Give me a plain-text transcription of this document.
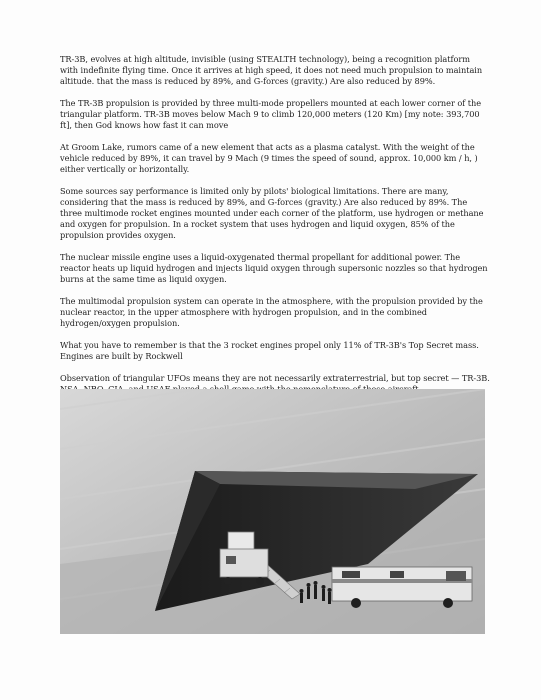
TR-3B, evolves at high altitude, invisible (using STEALTH technology), being a recognition platform with indefinite flying time. Once it arrives at high speed, it does not need much propulsion to maintain altitude. that the mass is reduced by 89%, and G-forces (gravity.) Are also reduced by 89%.

The TR-3B propulsion is provided by three multi-mode propellers mounted at each lower corner of the triangular platform. TR-3B moves below Mach 9 to climb 120,000 meters (120 Km) [my note: 393,700 ft], then God knows how fast it can move

At Groom Lake, rumors came of a new element that acts as a plasma catalyst. With the weight of the vehicle reduced by 89%, it can travel by 9 Mach (9 times the speed of sound, approx. 10,000 km / h, ) either vertically or horizontally.

Some sources say performance is limited only by pilots' biological limitations. There are many, considering that the mass is reduced by 89%, and G-forces (gravity.) Are also reduced by 89%. The three multimode rocket engines mounted under each corner of the platform, use hydrogen or methane and oxygen for propulsion. In a rocket system that uses hydrogen and liquid oxygen, 85% of the propulsion provides oxygen.

The nuclear missile engine uses a liquid-oxygenated thermal propellant for additional power. The reactor heats up liquid hydrogen and injects liquid oxygen through supersonic nozzles so that hydrogen burns at the same time as liquid oxygen.

The multimodal propulsion system can operate in the atmosphere, with the propulsion provided by the nuclear reactor, in the upper atmosphere with hydrogen propulsion, and in the combined hydrogen/oxygen propulsion.

What you have to remember is that the 3 rocket engines propel only 11% of TR-3B's Top Secret mass. Engines are built by Rockwell

Observation of triangular UFOs means they are not necessarily extraterrestrial, but top secret — TR-3B.
